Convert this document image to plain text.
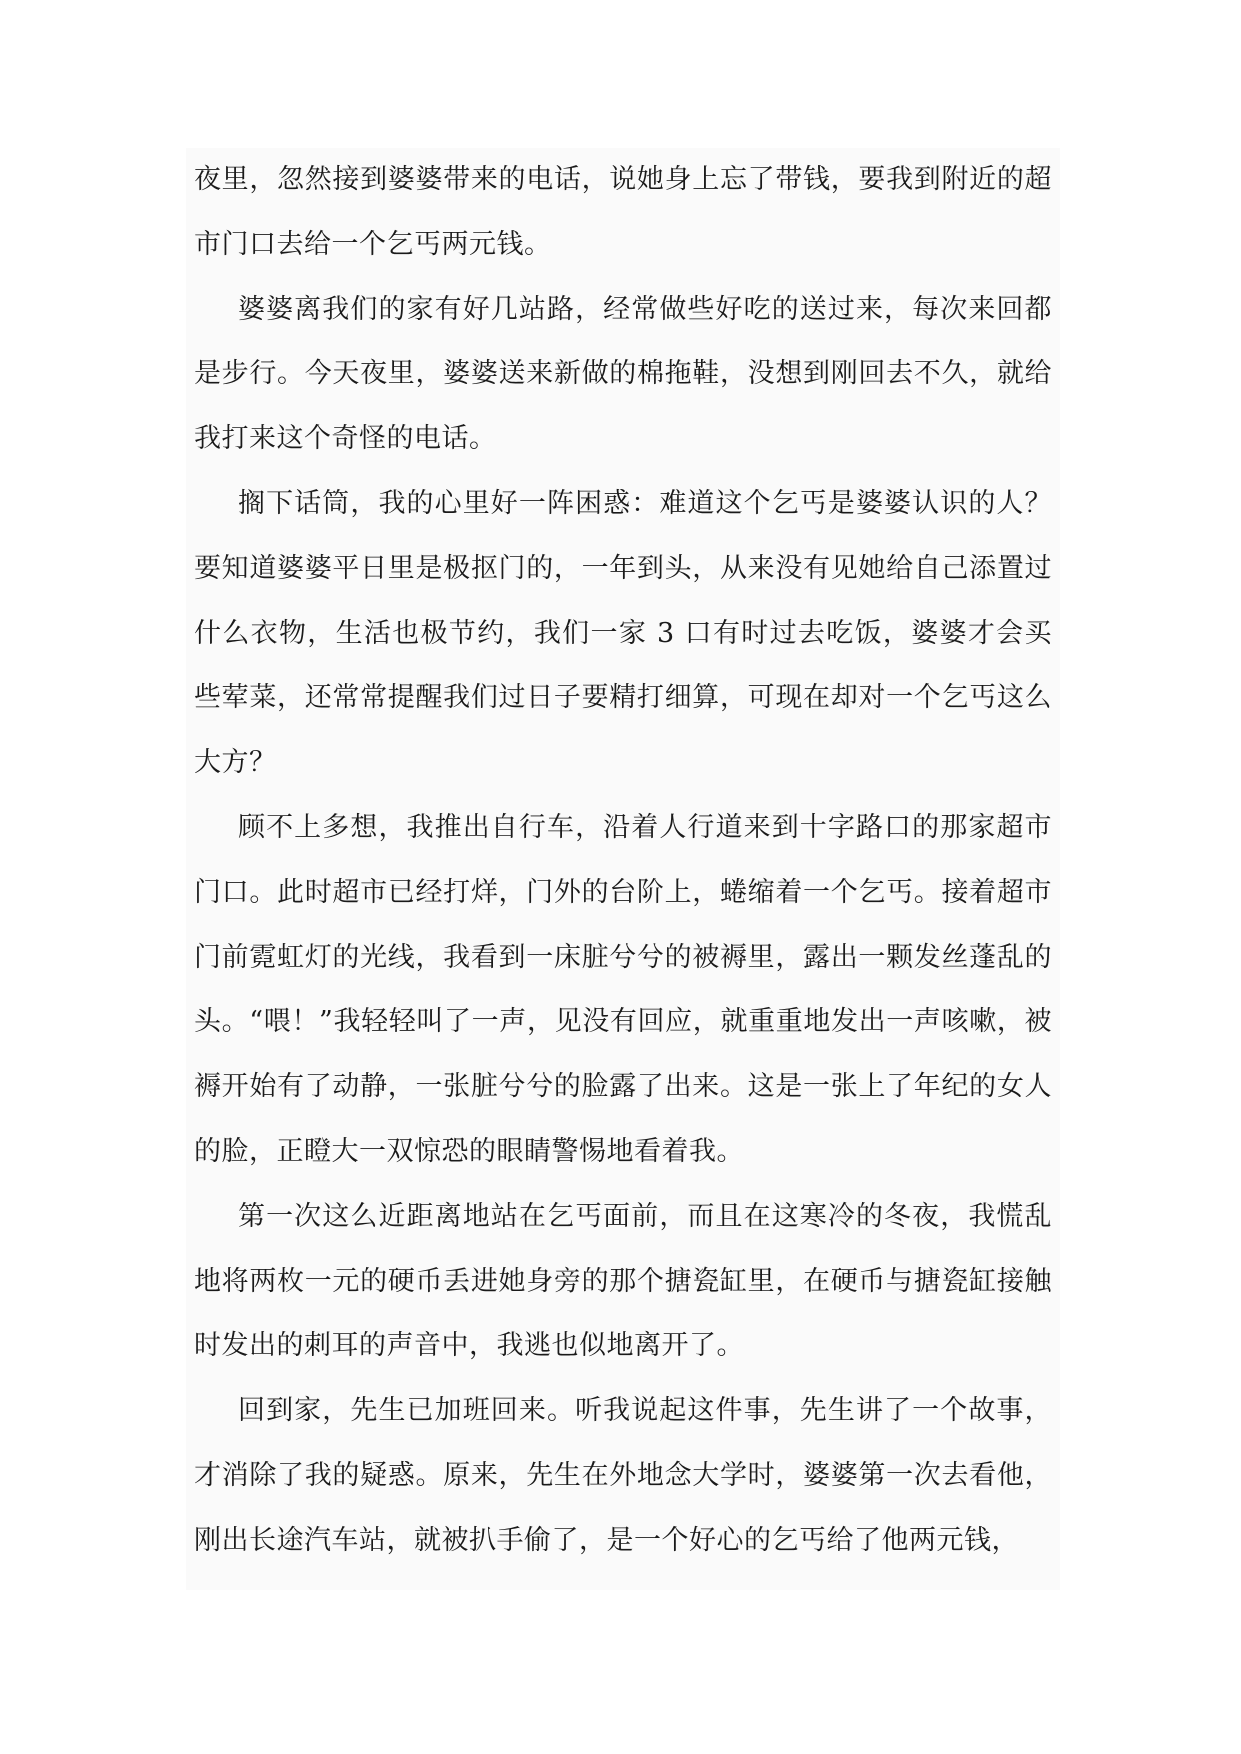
夜里，忽然接到婆婆带来的电话，说她身上忘了带钱，要我到附近的超市门口去给一个乞丐两元钱。

婆婆离我们的家有好几站路，经常做些好吃的送过来，每次来回都是步行。今天夜里，婆婆送来新做的棉拖鞋，没想到刚回去不久，就给我打来这个奇怪的电话。

搁下话筒，我的心里好一阵困惑：难道这个乞丐是婆婆认识的人？要知道婆婆平日里是极抠门的，一年到头，从来没有见她给自己添置过什么衣物，生活也极节约，我们一家 3 口有时过去吃饭，婆婆才会买些荤菜，还常常提醒我们过日子要精打细算，可现在却对一个乞丐这么大方？

顾不上多想，我推出自行车，沿着人行道来到十字路口的那家超市门口。此时超市已经打烊，门外的台阶上，蜷缩着一个乞丐。接着超市门前霓虹灯的光线，我看到一床脏兮兮的被褥里，露出一颗发丝蓬乱的头。“喂！”我轻轻叫了一声，见没有回应，就重重地发出一声咳嗽，被褥开始有了动静，一张脏兮兮的脸露了出来。这是一张上了年纪的女人的脸，正瞪大一双惊恐的眼睛警惕地看着我。

第一次这么近距离地站在乞丐面前，而且在这寒冷的冬夜，我慌乱地将两枚一元的硬币丢进她身旁的那个搪瓷缸里，在硬币与搪瓷缸接触时发出的刺耳的声音中，我逃也似地离开了。

回到家，先生已加班回来。听我说起这件事，先生讲了一个故事，才消除了我的疑惑。原来，先生在外地念大学时，婆婆第一次去看他，刚出长途汽车站，就被扒手偷了，是一个好心的乞丐给了他两元钱，
